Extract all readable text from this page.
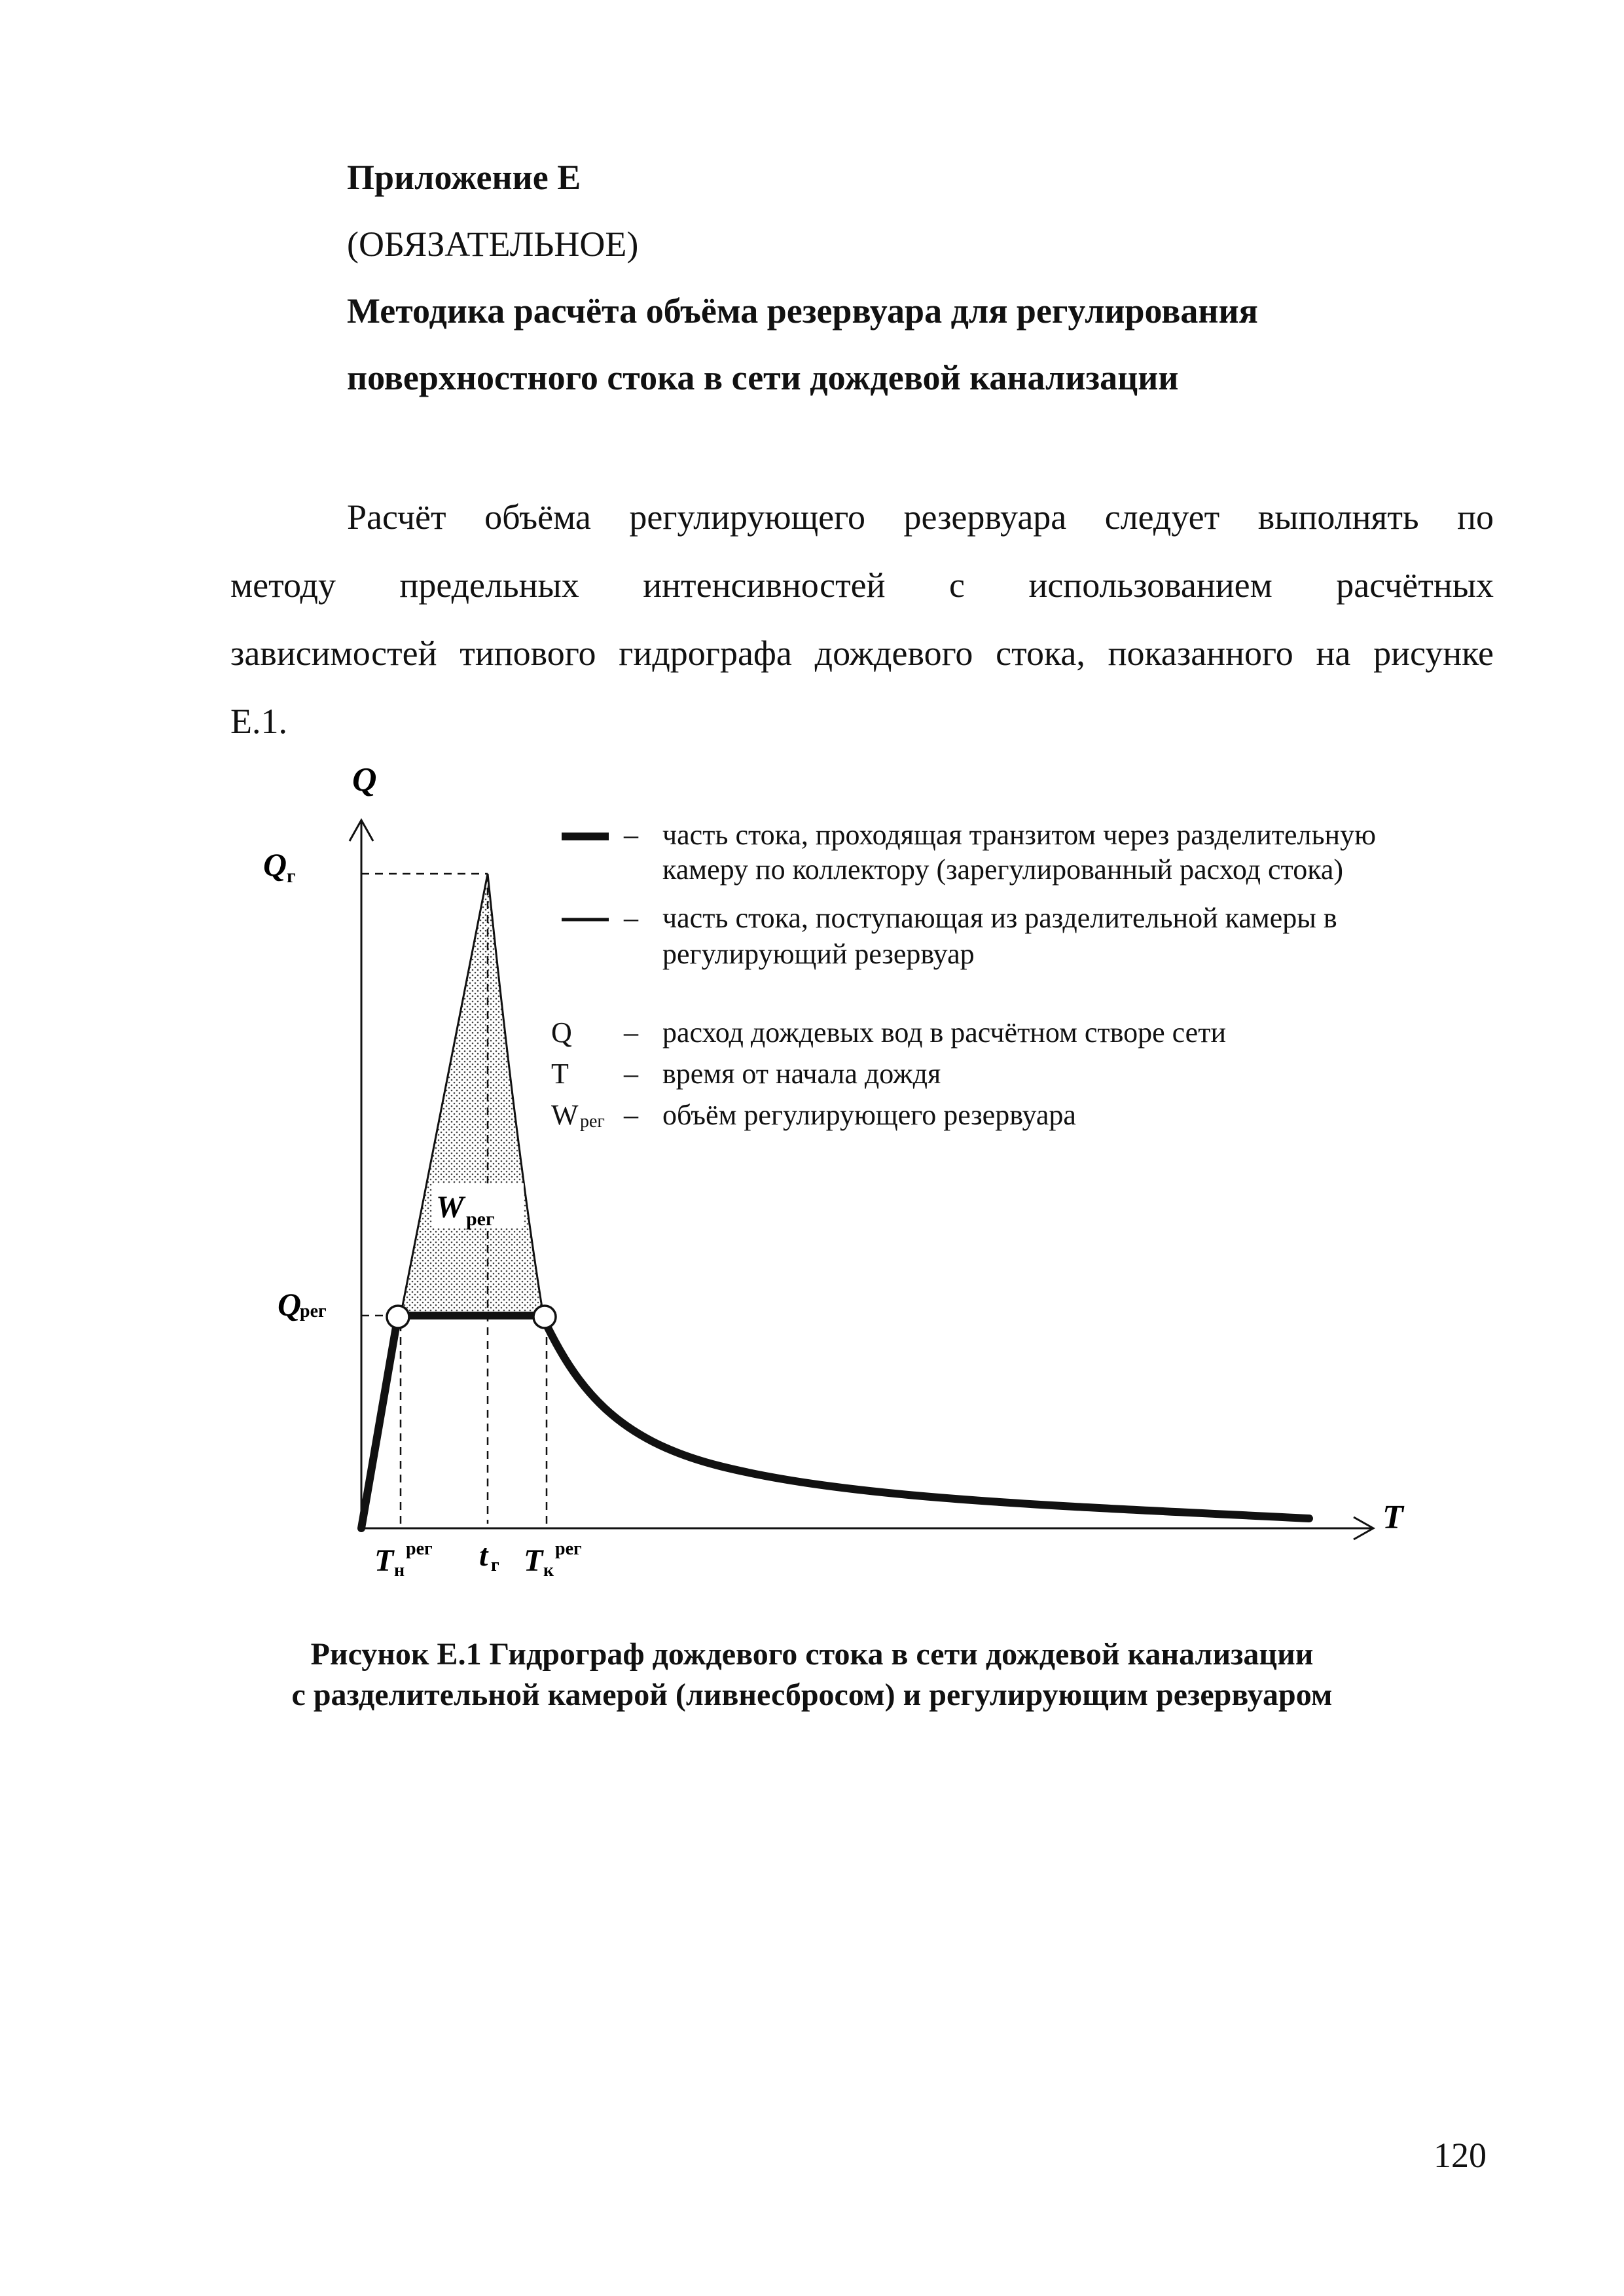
Приложение Е
(ОБЯЗАТЕЛЬНОЕ)
Методика расчёта объёма резервуара для регулирования
поверхностного стока в сети дождевой канализации
Расчёт объёма регулирующего резервуара следует выполнять по
методу предельных интенсивностей с использованием расчётных
зависимостей типового гидрографа дождевого стока, показанного на рисунке
Е.1.
W рег
Q
T
Q г
Q
рег
T н
рег t г T к
рег
– часть стока, проходящая транзитом через разделительную
камеру по коллектору (зарегулированный расход стока)
– часть стока, поступающая из разделительной камеры в
регулирующий резервуар
Q – расход дождевых вод в расчётном створе сети
T – время от начала дождя
W рег – объём регулирующего резервуара
Рисунок Е.1 Гидрограф дождевого стока в сети дождевой канализации
с разделительной камерой (ливнесбросом) и регулирующим резервуаром
120
